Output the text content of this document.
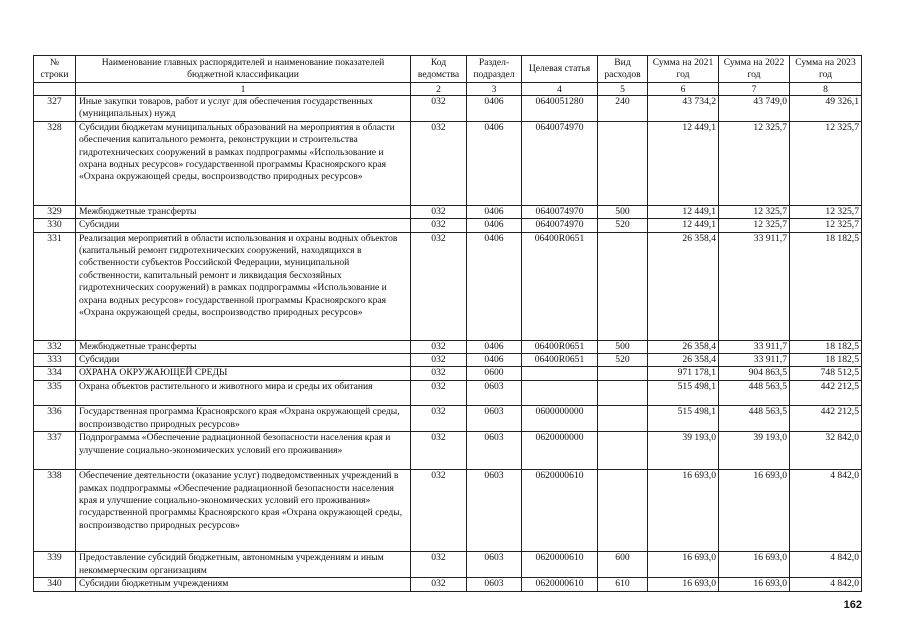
№ строки	Наименование главных распорядителей и наименование показателей бюджетной классификации	Код ведомства	Раздел-подраздел	Целевая статья	Вид расходов	Сумма на 2021 год	Сумма на 2022 год	Сумма на 2023 год
	1	2	3	4	5	6	7	8
327	Иные закупки товаров, работ и услуг для обеспечения государственных (муниципальных) нужд	032	0406	0640051280	240	43 734,2	43 749,0	49 326,1
328	Субсидии бюджетам муниципальных образований на мероприятия в области обеспечения капитального ремонта, реконструкции и строительства гидротехнических сооружений в рамках подпрограммы «Использование и охрана водных ресурсов» государственной программы Красноярского края «Охрана окружающей среды, воспроизводство природных ресурсов»	032	0406	0640074970		12 449,1	12 325,7	12 325,7
329	Межбюджетные трансферты	032	0406	0640074970	500	12 449,1	12 325,7	12 325,7
330	Субсидии	032	0406	0640074970	520	12 449,1	12 325,7	12 325,7
331	Реализация мероприятий в области использования и охраны водных объектов (капитальный ремонт гидротехнических сооружений, находящихся в собственности субъектов Российской Федерации, муниципальной собственности, капитальный ремонт и ликвидация бесхозяйных гидротехнических сооружений) в рамках подпрограммы «Использование и охрана водных ресурсов» государственной программы Красноярского края «Охрана окружающей среды, воспроизводство природных ресурсов»	032	0406	06400R0651		26 358,4	33 911,7	18 182,5
332	Межбюджетные трансферты	032	0406	06400R0651	500	26 358,4	33 911,7	18 182,5
333	Субсидии	032	0406	06400R0651	520	26 358,4	33 911,7	18 182,5
334	ОХРАНА ОКРУЖАЮЩЕЙ СРЕДЫ	032	0600			971 178,1	904 863,5	748 512,5
335	Охрана объектов растительного и животного мира и среды их обитания	032	0603			515 498,1	448 563,5	442 212,5
336	Государственная программа Красноярского края «Охрана окружающей среды, воспроизводство природных ресурсов»	032	0603	0600000000		515 498,1	448 563,5	442 212,5
337	Подпрограмма «Обеспечение радиационной безопасности населения края и улучшение социально-экономических условий его проживания»	032	0603	0620000000		39 193,0	39 193,0	32 842,0
338	Обеспечение деятельности (оказание услуг) подведомственных учреждений в рамках подпрограммы «Обеспечение радиационной безопасности населения края и улучшение социально-экономических условий его проживания» государственной программы Красноярского края «Охрана окружающей среды, воспроизводство природных ресурсов»	032	0603	0620000610		16 693,0	16 693,0	4 842,0
339	Предоставление субсидий бюджетным, автономным учреждениям и иным некоммерческим организациям	032	0603	0620000610	600	16 693,0	16 693,0	4 842,0
340	Субсидии бюджетным учреждениям	032	0603	0620000610	610	16 693,0	16 693,0	4 842,0
162
